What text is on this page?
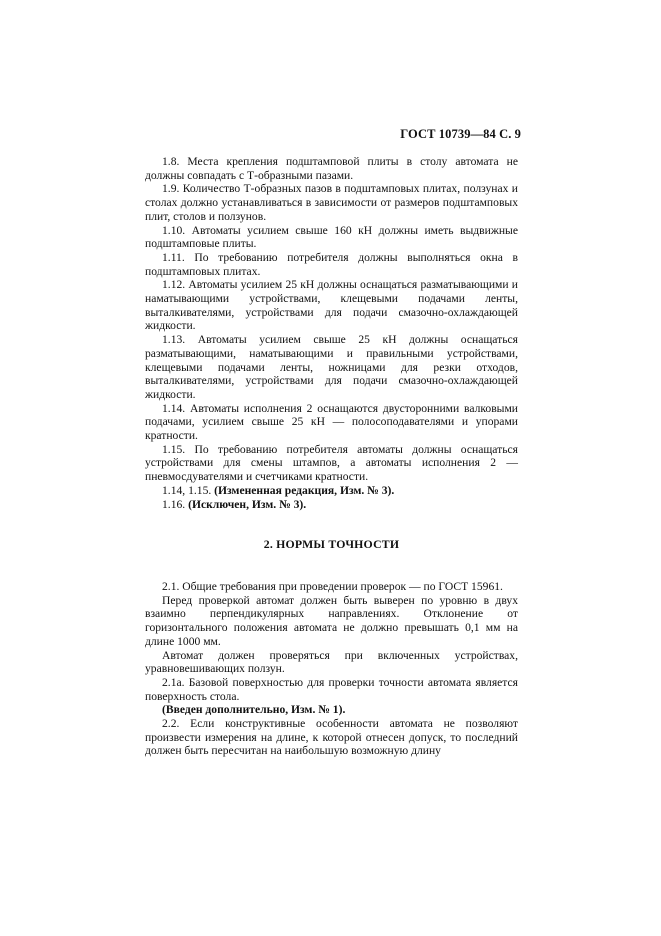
ГОСТ 10739—84 С. 9

1.8. Места крепления подштамповой плиты в столу автомата не должны совпадать с Т-образными пазами.

1.9. Количество Т-образных пазов в подштамповых плитах, ползунах и столах должно устанавливаться в зависимости от размеров подштамповых плит, столов и ползунов.

1.10. Автоматы усилием свыше 160 кН должны иметь выдвижные подштамповые плиты.

1.11. По требованию потребителя должны выполняться окна в подштамповых плитах.

1.12. Автоматы усилием 25 кН должны оснащаться разматывающими и наматывающими устройствами, клещевыми подачами ленты, выталкивателями, устройствами для подачи смазочно-охлаждающей жидкости.

1.13. Автоматы усилием свыше 25 кН должны оснащаться разматывающими, наматывающими и правильными устройствами, клещевыми подачами ленты, ножницами для резки отходов, выталкивателями, устройствами для подачи смазочно-охлаждающей жидкости.

1.14. Автоматы исполнения 2 оснащаются двусторонними валковыми подачами, усилием свыше 25 кН — полосоподавателями и упорами кратности.

1.15. По требованию потребителя автоматы должны оснащаться устройствами для смены штампов, а автоматы исполнения 2 — пневмосдувателями и счетчиками кратности.

1.14, 1.15. (Измененная редакция, Изм. № 3).

1.16. (Исключен, Изм. № 3).

2. НОРМЫ ТОЧНОСТИ

2.1. Общие требования при проведении проверок — по ГОСТ 15961.

Перед проверкой автомат должен быть выверен по уровню в двух взаимно перпендикулярных направлениях. Отклонение от горизонтального положения автомата не должно превышать 0,1 мм на длине 1000 мм.

Автомат должен проверяться при включенных устройствах, уравновешивающих ползун.

2.1а. Базовой поверхностью для проверки точности автомата является поверхность стола.

(Введен дополнительно, Изм. № 1).

2.2. Если конструктивные особенности автомата не позволяют произвести измерения на длине, к которой отнесен допуск, то последний должен быть пересчитан на наибольшую возможную длину
